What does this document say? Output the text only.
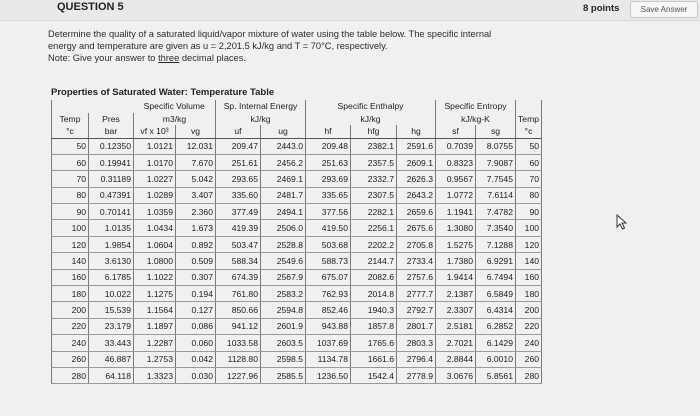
QUESTION 5	8 points	Save Answer
Determine the quality of a saturated liquid/vapor mixture of water using the table below. The specific internal
energy and temperature are given as u = 2,201.5 kJ/kg and T = 70°C, respectively.
Note: Give your answer to three decimal places.
Properties of Saturated Water: Temperature Table
		Specific Volume		Sp. Internal Energy		Specific Enthalpy			Specific Entropy		
Temp	Pres	m3/kg		kJ/kg		kJ/kg			kJ/kg-K		Temp
°c	bar	vf x 10³	vg	uf	ug	hf	hfg	hg	sf	sg	°c
50	0.12350	1.0121	12.031	209.47	2443.0	209.48	2382.1	2591.6	0.7039	8.0755	50
60	0.19941	1.0170	7.670	251.61	2456.2	251.63	2357.5	2609.1	0.8323	7.9087	60
70	0.31189	1.0227	5.042	293.65	2469.1	293.69	2332.7	2626.3	0.9567	7.7545	70
80	0.47391	1.0289	3.407	335.60	2481.7	335.65	2307.5	2643.2	1.0772	7.6114	80
90	0.70141	1.0359	2.360	377.49	2494.1	377.56	2282.1	2659.6	1.1941	7.4782	90
100	1.0135	1.0434	1.673	419.39	2506.0	419.50	2256.1	2675.6	1.3080	7.3540	100
120	1.9854	1.0604	0.892	503.47	2528.8	503.68	2202.2	2705.8	1.5275	7.1288	120
140	3.6130	1.0800	0.509	588.34	2549.6	588.73	2144.7	2733.4	1.7380	6.9291	140
160	6.1785	1.1022	0.307	674.39	2567.9	675.07	2082.6	2757.6	1.9414	6.7494	160
180	10.022	1.1275	0.194	761.80	2583.2	762.93	2014.8	2777.7	2.1387	6.5849	180
200	15.539	1.1564	0.127	850.66	2594.8	852.46	1940.3	2792.7	2.3307	6.4314	200
220	23.179	1.1897	0.086	941.12	2601.9	943.88	1857.8	2801.7	2.5181	6.2852	220
240	33.443	1.2287	0.060	1033.58	2603.5	1037.69	1765.6	2803.3	2.7021	6.1429	240
260	46.887	1.2753	0.042	1128.80	2598.5	1134.78	1661.6	2796.4	2.8844	6.0010	260
280	64.118	1.3323	0.030	1227.96	2585.5	1236.50	1542.4	2778.9	3.0676	5.8561	280
